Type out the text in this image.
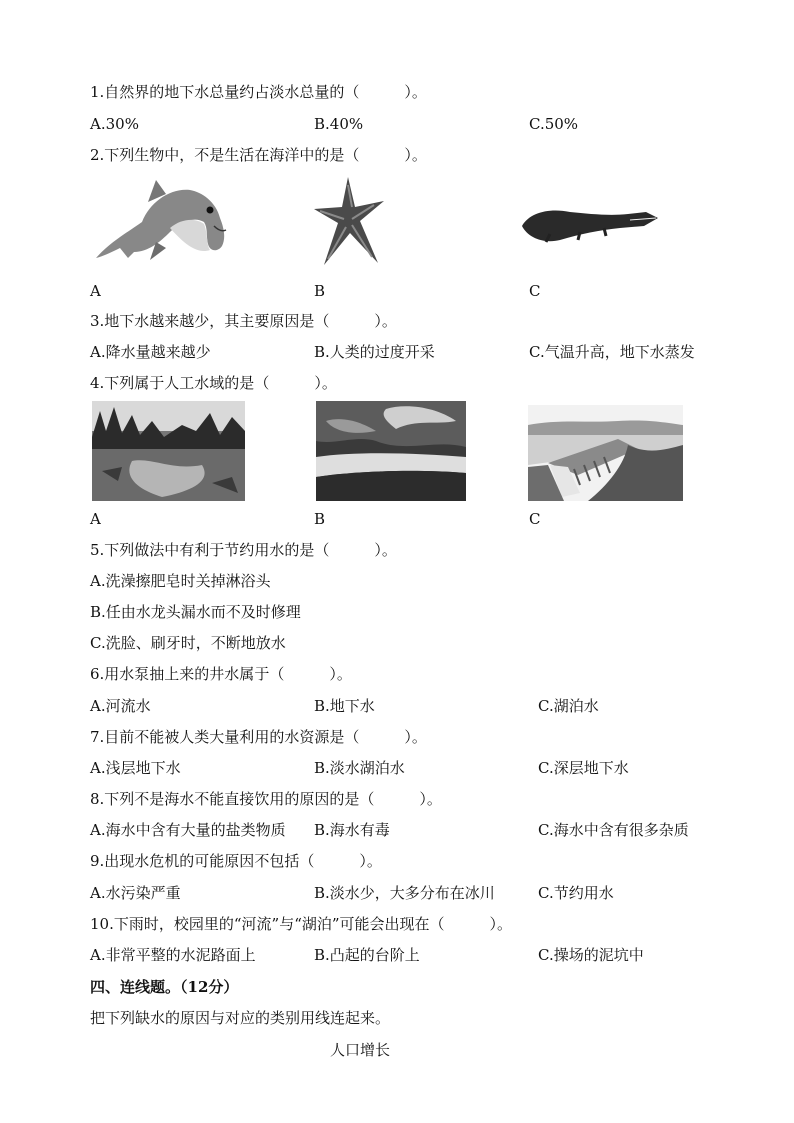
1.自然界的地下水总量约占淡水总量的（　　　）。
A.30%	B.40%	C.50%
2.下列生物中，不是生活在海洋中的是（　　　）。
A	B	C
3.地下水越来越少，其主要原因是（　　　）。
A.降水量越来越少	B.人类的过度开采	C.气温升高，地下水蒸发
4.下列属于人工水域的是（　　　）。
A	B	C
5.下列做法中有利于节约用水的是（　　　）。
A.洗澡擦肥皂时关掉淋浴头
B.任由水龙头漏水而不及时修理
C.洗脸、刷牙时，不断地放水
6.用水泵抽上来的井水属于（　　　）。
A.河流水	B.地下水	C.湖泊水
7.目前不能被人类大量利用的水资源是（　　　）。
A.浅层地下水	B.淡水湖泊水	C.深层地下水
8.下列不是海水不能直接饮用的原因的是（　　　）。
A.海水中含有大量的盐类物质 B.海水有毒	C.海水中含有很多杂质
9.出现水危机的可能原因不包括（　　　）。
A.水污染严重	B.淡水少，大多分布在冰川	C.节约用水
10.下雨时，校园里的“河流”与“湖泊”可能会出现在（　　　）。
A.非常平整的水泥路面上	B.凸起的台阶上	C.操场的泥坑中
四、连线题。（12分）
把下列缺水的原因与对应的类别用线连起来。
人口增长
